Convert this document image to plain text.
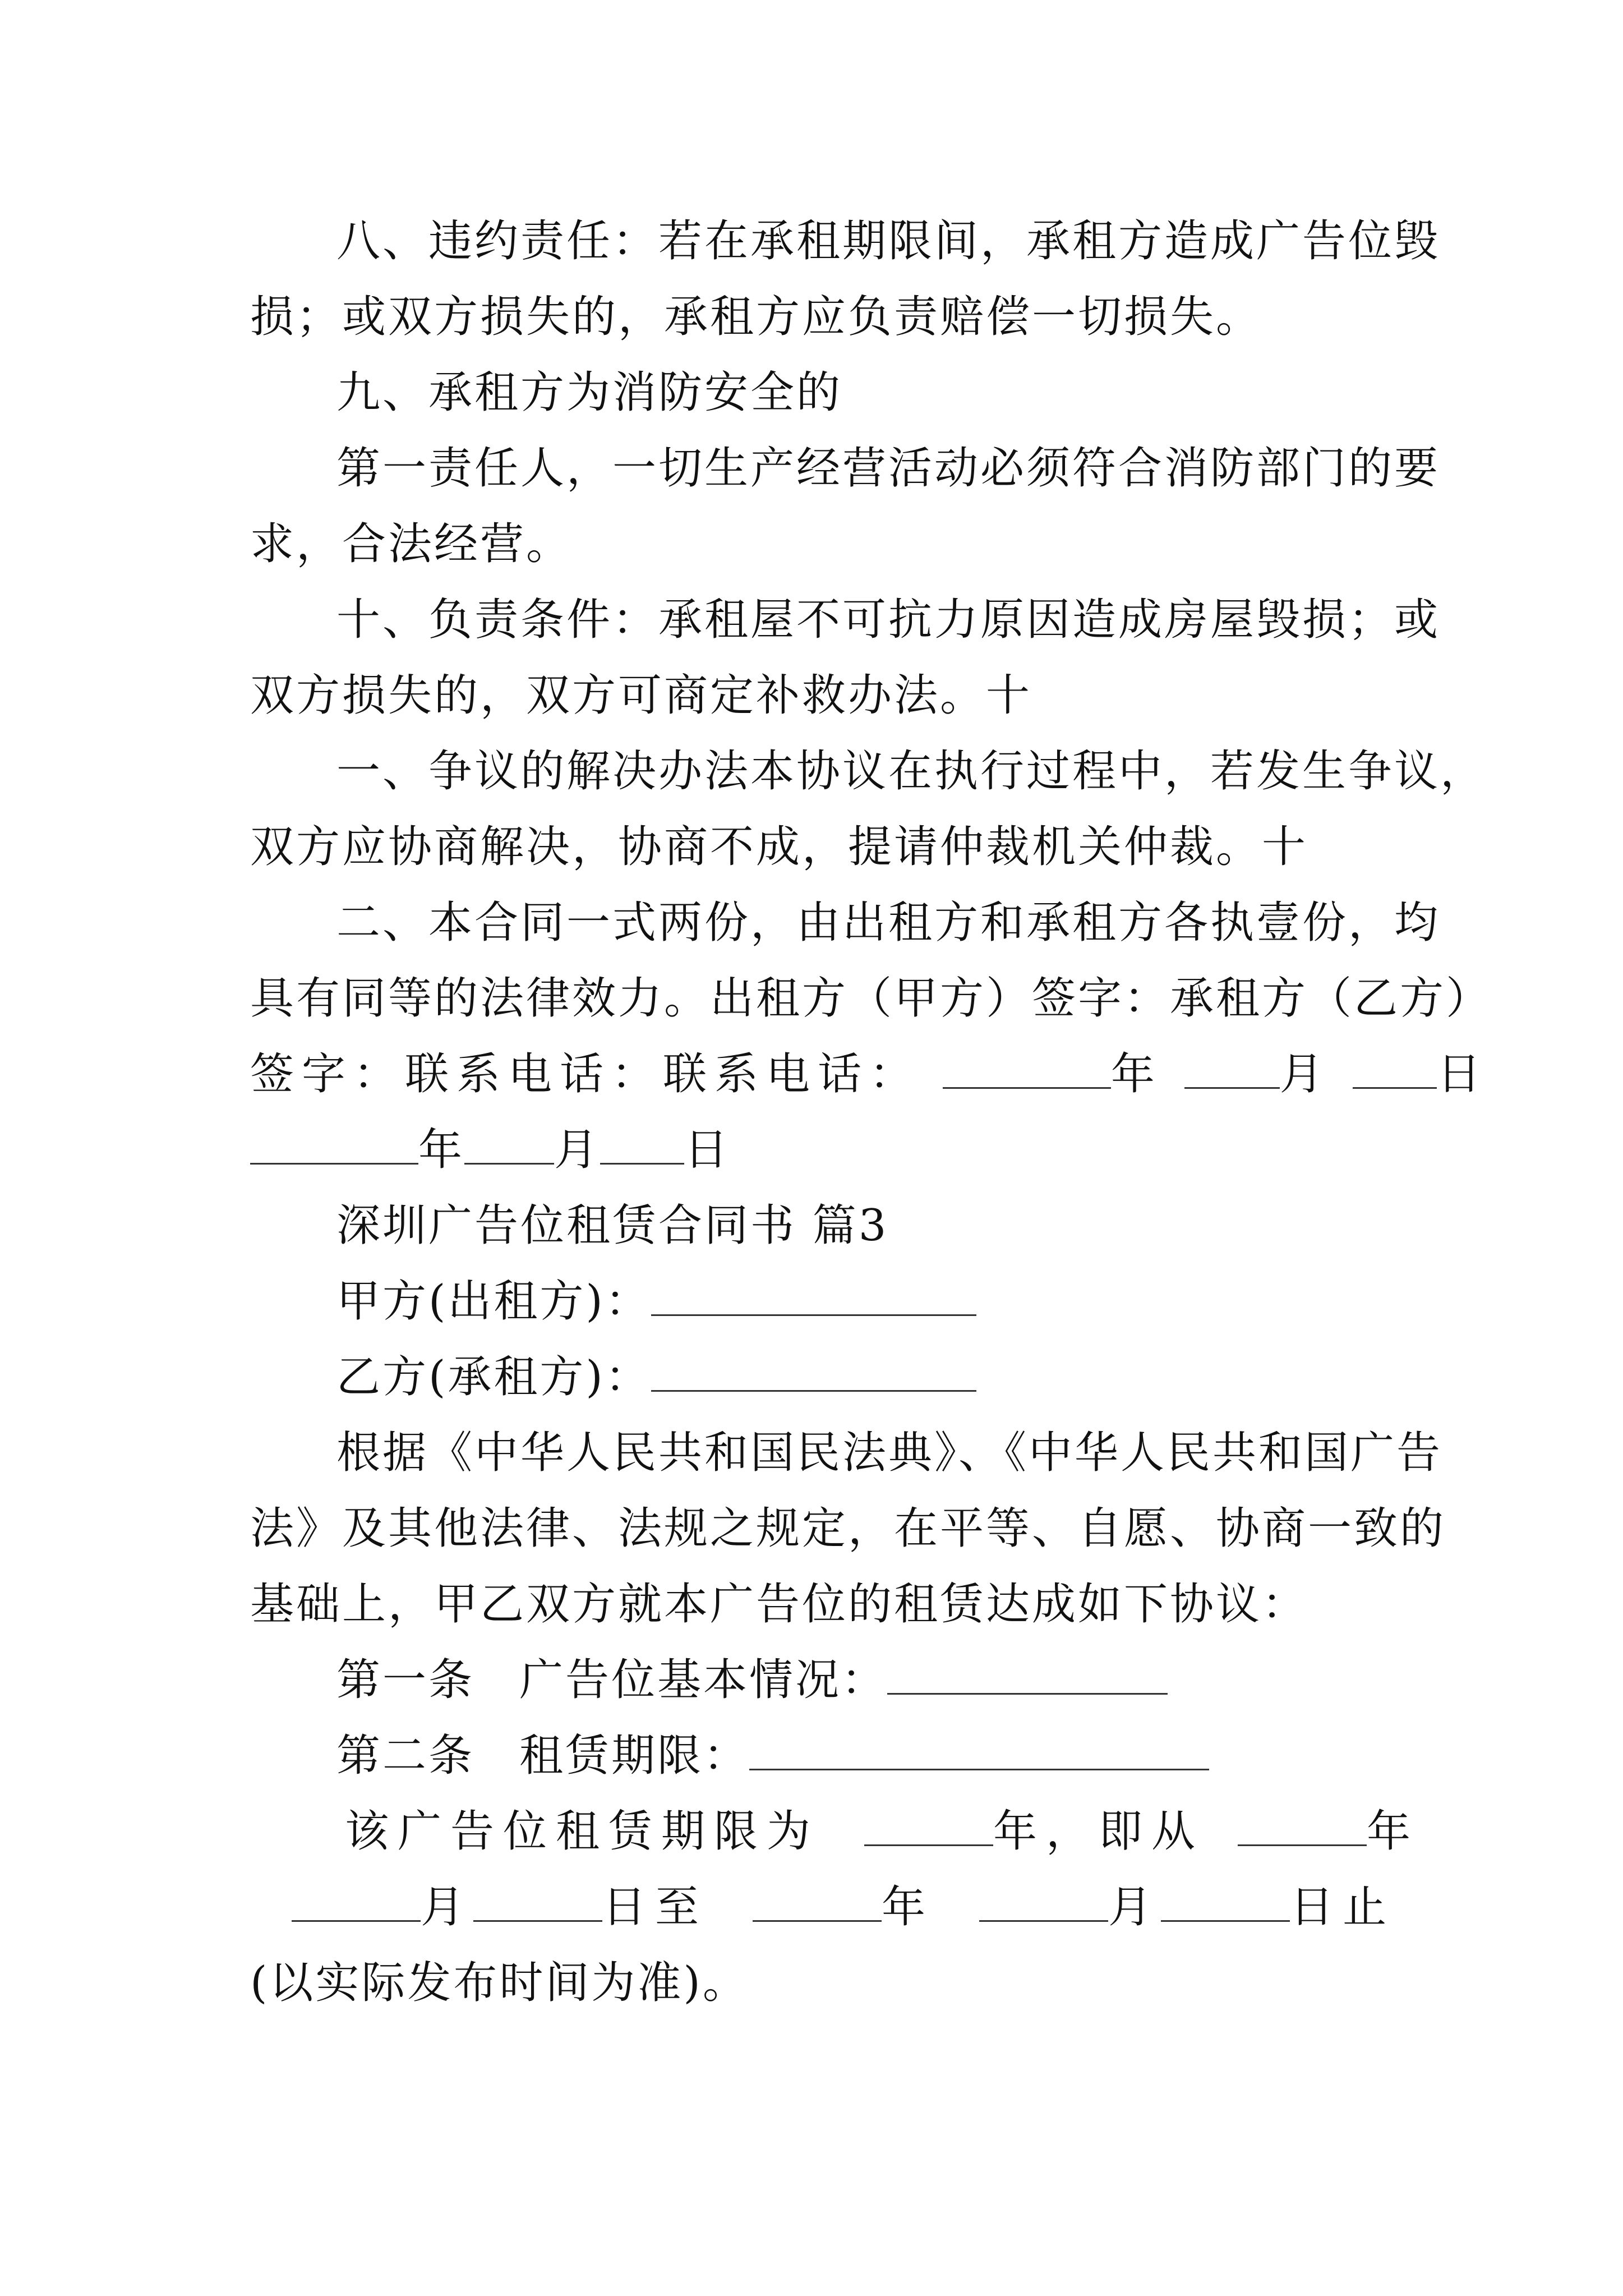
八、违约责任：若在承租期限间，承租方造成广告位毁
损；或双方损失的，承租方应负责赔偿一切损失。
九、承租方为消防安全的
第一责任人，一切生产经营活动必须符合消防部门的要
求，合法经营。
十、负责条件：承租屋不可抗力原因造成房屋毁损；或
双方损失的，双方可商定补救办法。十
一、争议的解决办法本协议在执行过程中，若发生争议，
双方应协商解决，协商不成，提请仲裁机关仲裁。十
二、本合同一式两份，由出租方和承租方各执壹份，均
具有同等的法律效力。出租方（甲方）签字：承租方（乙方）
签字：联系电话：联系电话：	年	月 日
年 月 日
深圳广告位租赁合同书 篇3
甲方(出租方)：
乙方(承租方)：
根据《中华人民共和国民法典》、《中华人民共和国广告
法》及其他法律、法规之规定，在平等、自愿、协商一致的
基础上，甲乙双方就本广告位的租赁达成如下协议：
第一条 广告位基本情况：
第二条 租赁期限：
该广告位租赁期限为	年，即从	年
月	日至	年	月	日止
(以实际发布时间为准)。
